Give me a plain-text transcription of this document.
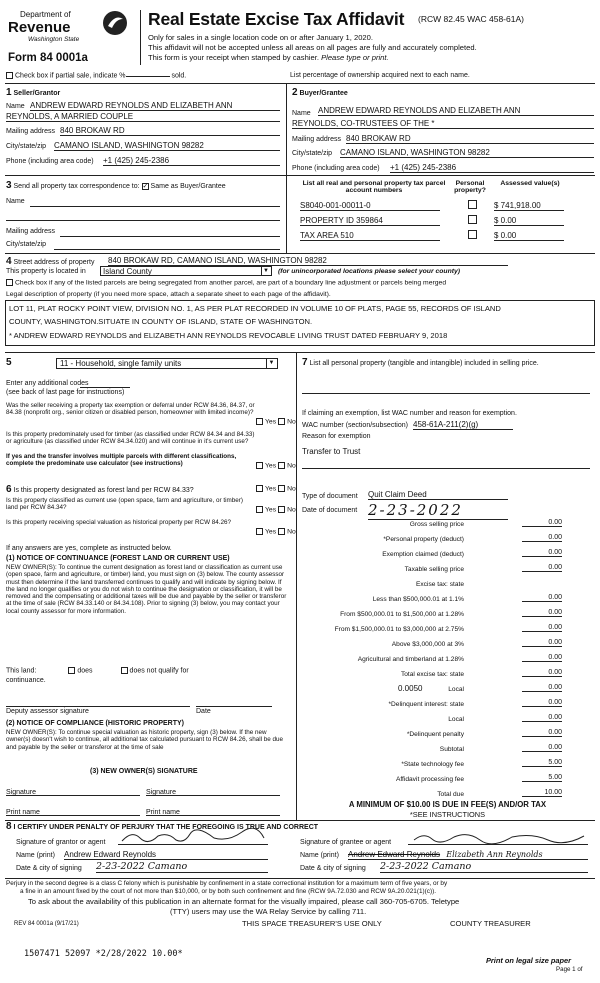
Department of
Revenue
Washington State
Form 84 0001a
Real Estate Excise Tax Affidavit (RCW 82.45 WAC 458-61A)
Only for sales in a single location code on or after January 1, 2020.
This affidavit will not be accepted unless all areas on all pages are fully and accurately completed.
This form is your receipt when stamped by cashier. Please type or print.
Check box if partial sale, indicate %	sold.	List percentage of ownership acquired next to each name.
1 Seller/Grantor
Name ANDREW EDWARD REYNOLDS AND ELIZABETH ANN
REYNOLDS, A MARRIED COUPLE
Mailing address 840 BROKAW RD
City/state/zip CAMANO ISLAND, WASHINGTON 98282
Phone (including area code) +1 (425) 245-2386
2 Buyer/Grantee
Name ANDREW EDWARD REYNOLDS AND ELIZABETH ANN
REYNOLDS, CO-TRUSTEES OF THE *
Mailing address 840 BROKAW RD
City/state/zip CAMANO ISLAND, WASHINGTON 98282
Phone (including area code) +1 (425) 245-2386
3 Send all property tax correspondence to: ✓ Same as Buyer/Grantee
Name
Mailing address
City/state/zip
List all real and personal property tax parcel account numbers
Personal property?
Assessed value(s)
S8040-001-00011-0	$ 741,918.00
PROPERTY ID 359864	$ 0.00
TAX AREA 510	$ 0.00
4 Street address of property 840 BROKAW RD, CAMANO ISLAND, WASHINGTON 98282
This property is located in	Island County	▼ (for unincorporated locations please select your county)
Check box if any of the listed parcels are being segregated from another parcel, are part of a boundary line adjustment or parcels being merged
Legal description of property (if you need more space, attach a separate sheet to each page of the affidavit).
LOT 11, PLAT ROCKY POINT VIEW, DIVISION NO. 1, AS PER PLAT RECORDED IN VOLUME 10 OF PLATS, PAGE 55, RECORDS OF ISLAND
COUNTY, WASHINGTON.SITUATE IN COUNTY OF ISLAND, STATE OF WASHINGTON.
* ANDREW EDWARD REYNOLDS and ELIZABETH ANN REYNOLDS REVOCABLE LIVING TRUST DATED FEBRUARY 9, 2018
5	11 - Household, single family units	▼
Enter any additional codes
(see back of last page for instructions)
Was the seller receiving a property tax exemption or deferral under RCW 84.36, 84.37, or 84.38 (nonprofit org., senior citizen or disabled person, homeowner with limited income)?
Yes No
Is this property predominately used for timber (as classified under RCW 84.34 and 84.33) or agriculture (as classified under RCW 84.34.020) and will continue in it's current use?
If yes and the transfer involves multiple parcels with different classifications, complete the predominate use calculator (see instructions)	Yes No
6 Is this property designated as forest land per RCW 84.33?	Yes No
Is this property classified as current use (open space, farm and agriculture, or timber) land per RCW 84.34?	Yes No
Is this property receiving special valuation as historical property per RCW 84.26?
Yes No
If any answers are yes, complete as instructed below.
(1) NOTICE OF CONTINUANCE (FOREST LAND OR CURRENT USE)
NEW OWNER(S): To continue the current designation as forest land or classification as current use (open space, farm and agriculture, or timber) land, you must sign on (3) below. The county assessor must then determine if the land transferred continues to qualify and will indicate by signing below. If the land no longer qualifies or you do not wish to continue the designation or classification, it will be removed and the compensating or additional taxes will be due and payable by the seller or transferor at the time of sale (RCW 84.33.140 or 84.34.108). Prior to signing (3) below, you may contact your local county assessor for more information.
This land:	does	does not qualify for
continuance.
Deputy assessor signature	Date
(2) NOTICE OF COMPLIANCE (HISTORIC PROPERTY)
NEW OWNER(S): To continue special valuation as historic property, sign (3) below. If the new owner(s) doesn't wish to continue, all additional tax calculated pursuant to RCW 84.26, shall be due and payable by the seller or transferor at the time of sale
(3) NEW OWNER(S) SIGNATURE
Signature	Signature
Print name	Print name
7 List all personal property (tangible and intangible) included in selling price.
If claiming an exemption, list WAC number and reason for exemption.
WAC number (section/subsection) 458-61A-211(2)(g)
Reason for exemption
Transfer to Trust
Type of document Quit Claim Deed
Date of document 2-23-2022
Gross selling price	0.00
*Personal property (deduct)	0.00
Exemption claimed (deduct)	0.00
Taxable selling price	0.00
Excise tax: state
Less than $500,000.01 at 1.1%	0.00
From $500,000.01 to $1,500,000 at 1.28%	0.00
From $1,500,000.01 to $3,000,000 at 2.75%	0.00
Above $3,000,000 at 3%	0.00
Agricultural and timberland at 1.28%	0.00
Total excise tax: state	0.00
0.0050	Local	0.00
*Delinquent interest: state	0.00
Local	0.00
*Delinquent penalty	0.00
Subtotal	0.00
*State technology fee	5.00
Affidavit processing fee	5.00
Total due	10.00
A MINIMUM OF $10.00 IS DUE IN FEE(S) AND/OR TAX
*SEE INSTRUCTIONS
8 I CERTIFY UNDER PENALTY OF PERJURY THAT THE FOREGOING IS TRUE AND CORRECT
Signature of grantor or agent
Name (print) Andrew Edward Reynolds
Date & city of signing 2-23-2022 Camano
Signature of grantee or agent
Name (print) Andrew Edward Reynolds Elizabeth Ann Reynolds
Date & city of signing 2-23-2022 Camano
Perjury in the second degree is a class C felony which is punishable by confinement in a state correctional institution for a maximum term of five years, or by
a fine in an amount fixed by the court of not more than $10,000, or by both such confinement and fine (RCW 9A.72.030 and RCW 9A.20.021(1)(c)).
To ask about the availability of this publication in an alternate format for the visually impaired, please call 360-705-6705. Teletype
(TTY) users may use the WA Relay Service by calling 711.
REV 84 0001a (9/17/21)	THIS SPACE TREASURER'S USE ONLY	COUNTY TREASURER
1507471 52097 *2/28/2022 10.00*
Print on legal size paper
Page 1 of
